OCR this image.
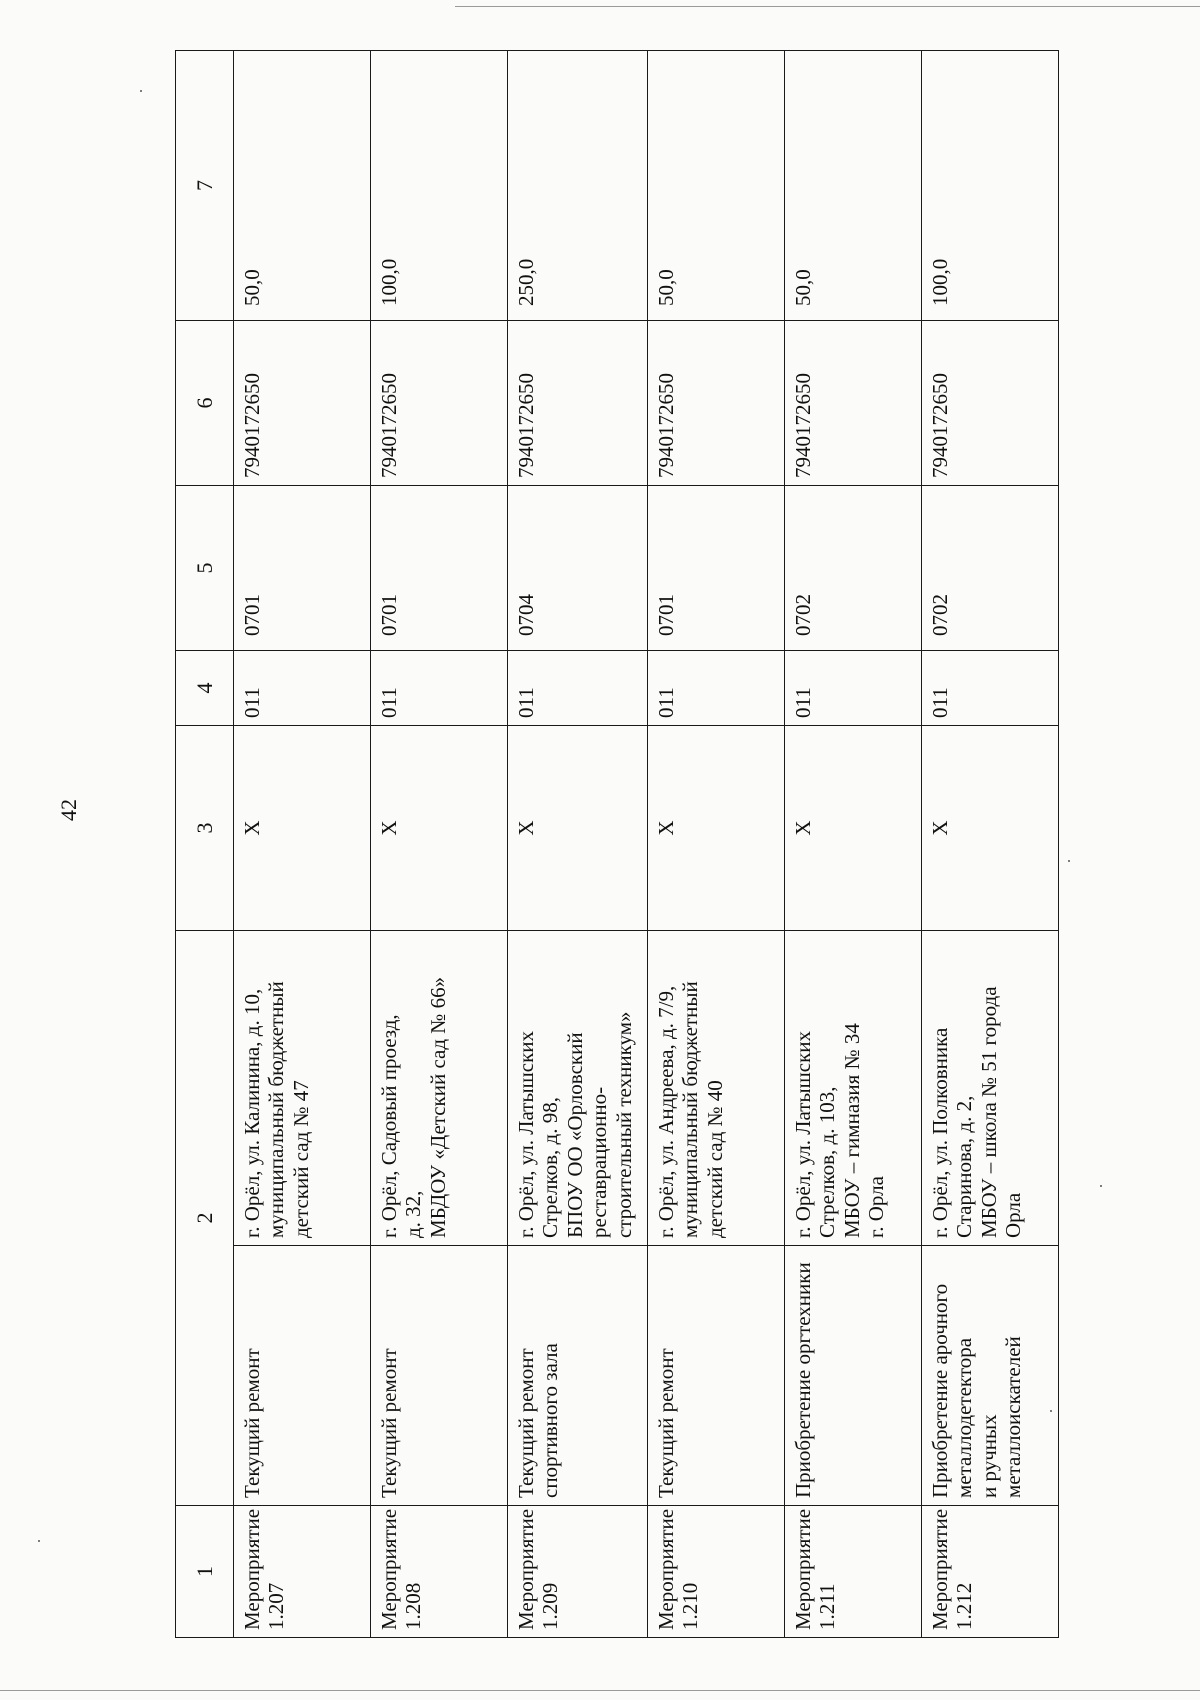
42
1	2		3	4	5	6	7
Мероприятие
1.207	Текущий ремонт	г. Орёл, ул. Калинина, д. 10,
муниципальный бюджетный
детский сад № 47	X	011	0701	7940172650	50,0
Мероприятие
1.208	Текущий ремонт	г. Орёл, Садовый проезд,
д. 32,
МБДОУ «Детский сад № 66»	X	011	0701	7940172650	100,0
Мероприятие
1.209	Текущий ремонт
спортивного зала	г. Орёл, ул. Латышских
Стрелков, д. 98,
БПОУ ОО «Орловский
реставрационно-
строительный техникум»	X	011	0704	7940172650	250,0
Мероприятие
1.210	Текущий ремонт	г. Орёл, ул. Андреева, д. 7/9,
муниципальный бюджетный
детский сад № 40	X	011	0701	7940172650	50,0
Мероприятие
1.211	Приобретение оргтехники	г. Орёл, ул. Латышских
Стрелков, д. 103,
МБОУ – гимназия № 34
г. Орла	X	011	0702	7940172650	50,0
Мероприятие
1.212	Приобретение арочного
металлодетектора
и ручных
металлоискателей	г. Орёл, ул. Полковника
Старинова, д. 2,
МБОУ – школа № 51 города
Орла	X	011	0702	7940172650	100,0
